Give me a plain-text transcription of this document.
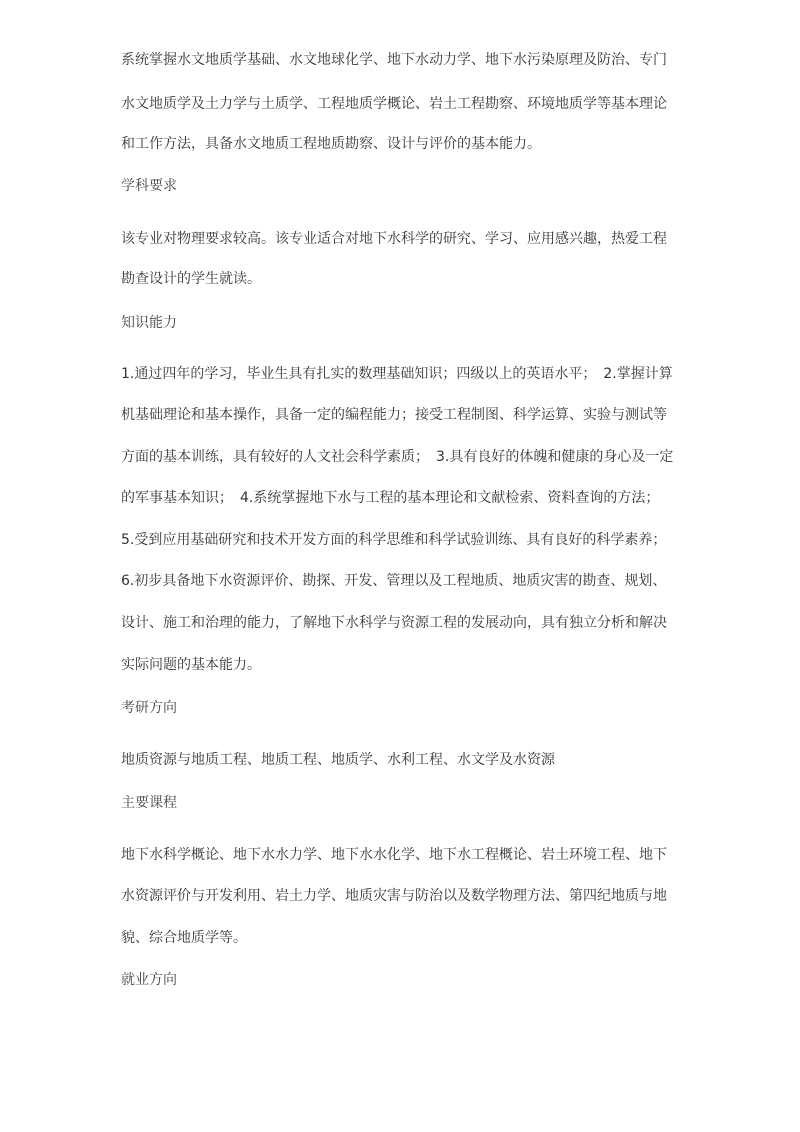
系统掌握水文地质学基础、水文地球化学、地下水动力学、地下水污染原理及防治、专门
水文地质学及土力学与土质学、工程地质学概论、岩土工程勘察、环境地质学等基本理论
和工作方法，具备水文地质工程地质勘察、设计与评价的基本能力。
学科要求
该专业对物理要求较高。该专业适合对地下水科学的研究、学习、应用感兴趣，热爱工程
勘查设计的学生就读。
知识能力
1.通过四年的学习，毕业生具有扎实的数理基础知识；四级以上的英语水平；　2.掌握计算
机基础理论和基本操作，具备一定的编程能力；接受工程制图、科学运算、实验与测试等
方面的基本训练，具有较好的人文社会科学素质；　3.具有良好的体魄和健康的身心及一定
的军事基本知识；　4.系统掌握地下水与工程的基本理论和文献检索、资料查询的方法；
5.受到应用基础研究和技术开发方面的科学思维和科学试验训练、具有良好的科学素养；
6.初步具备地下水资源评价、勘探、开发、管理以及工程地质、地质灾害的勘查、规划、
设计、施工和治理的能力，了解地下水科学与资源工程的发展动向，具有独立分析和解决
实际问题的基本能力。
考研方向
地质资源与地质工程、地质工程、地质学、水利工程、水文学及水资源
主要课程
地下水科学概论、地下水水力学、地下水水化学、地下水工程概论、岩土环境工程、地下
水资源评价与开发利用、岩土力学、地质灾害与防治以及数学物理方法、第四纪地质与地
貌、综合地质学等。
就业方向
